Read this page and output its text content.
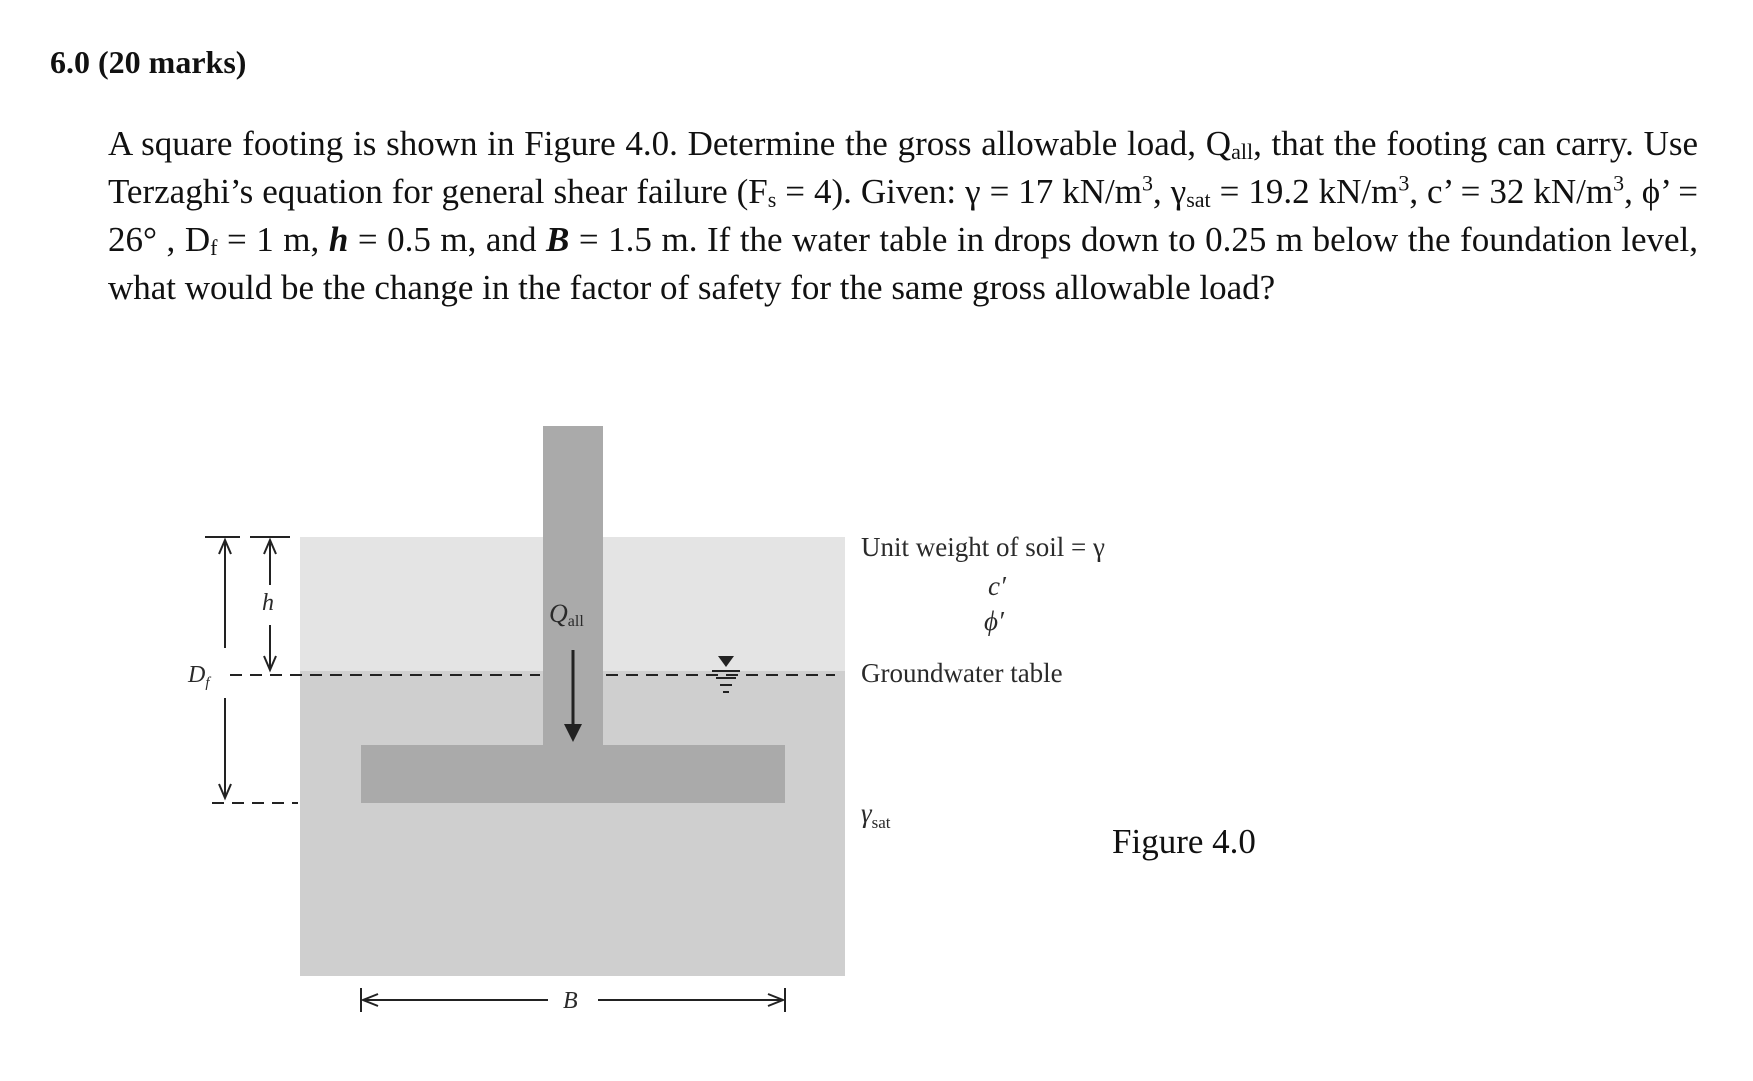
6.0 (20 marks)

A square footing is shown in Figure 4.0. Determine the gross allowable load, $Q_{all}$, that the footing can carry. Use Terzaghi’s equation for general shear failure $(F_s = 4)$. Given: γ = 17 $kN/m^3$, $\gamma_{sat} = 19.2$ $kN/m^3$, c’ = 32 $kN/m^3$, ϕ’ = 26° , $D_f = 1$ m, h = 0.5 m, and B = 1.5 m. If the water table in drops down to 0.25 m below the foundation level, what would be the change in the factor of safety for the same gross allowable load?

Unit weight of soil = γ
c′
ϕ′
Groundwater table
$\gamma_{sat}$
Qall
h
$D_f$
B

Figure 4.0
